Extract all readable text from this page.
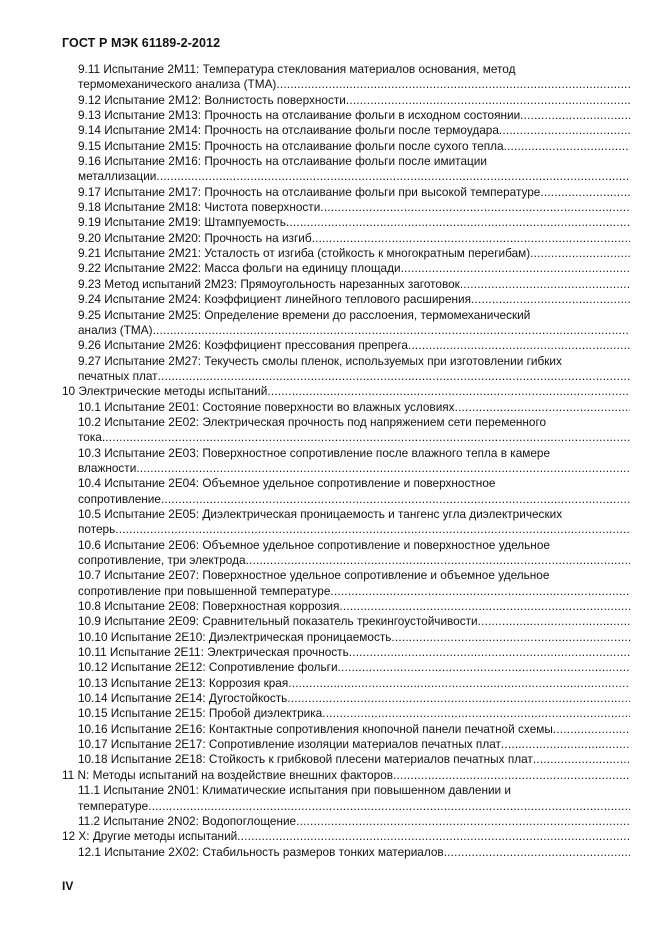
ГОСТ Р МЭК 61189-2-2012
9.11 Испытание 2М11: Температура стеклования материалов основания, метод
термомеханического анализа (ТМА)
.....
9.12 Испытание 2М12: Волнистость поверхности
.....
9.13 Испытание 2М13: Прочность на отслаивание фольги в исходном состоянии
.....
9.14 Испытание 2М14: Прочность на отслаивание фольги после термоудара
.....
9.15 Испытание 2М15: Прочность на отслаивание фольги после сухого тепла
.....
9.16 Испытание 2М16: Прочность на отслаивание фольги после имитации
металлизации
.....
9.17 Испытание 2М17: Прочность на отслаивание фольги при высокой температуре
.....
9.18 Испытание 2М18: Чистота поверхности
.....
9.19 Испытание 2М19: Штампуемость
.....
9.20 Испытание 2М20: Прочность на изгиб
.....
9.21 Испытание 2М21: Усталость от изгиба (стойкость к многократным перегибам)
.....
9.22 Испытание 2М22: Масса фольги на единицу площади
.....
9.23 Метод испытаний 2М23: Прямоугольность нарезанных заготовок
.....
9.24 Испытание 2М24: Коэффициент линейного теплового расширения
.....
9.25 Испытание 2М25: Определение времени до расслоения, термомеханический
анализ (ТМА)
.....
9.26 Испытание 2М26: Коэффициент прессования препрега
.....
9.27 Испытание 2М27: Текучесть смолы пленок, используемых при изготовлении гибких
печатных плат
.....
10 Электрические методы испытаний
.....
10.1 Испытание 2Е01: Состояние поверхности во влажных условиях
.....
10.2 Испытание 2Е02: Электрическая прочность под напряжением сети переменного
тока
.....
10.3 Испытание 2Е03: Поверхностное сопротивление после влажного тепла в камере
влажности
.....
10.4 Испытание 2Е04: Объемное удельное сопротивление и поверхностное
сопротивление
.....
10.5 Испытание 2Е05: Диэлектрическая проницаемость и тангенс угла диэлектрических
потерь
.....
10.6 Испытание 2Е06: Объемное удельное сопротивление и поверхностное удельное
сопротивление, три электрода
.....
10.7 Испытание 2Е07: Поверхностное удельное сопротивление и объемное удельное
сопротивление при повышенной температуре
.....
10.8 Испытание 2Е08: Поверхностная коррозия
.....
10.9 Испытание 2Е09: Сравнительный показатель трекингоустойчивости
.....
10.10 Испытание 2Е10: Диэлектрическая проницаемость
.....
10.11 Испытание 2Е11: Электрическая прочность
.....
10.12 Испытание 2Е12: Сопротивление фольги
.....
10.13 Испытание 2Е13: Коррозия края
.....
10.14 Испытание 2Е14: Дугостойкость
.....
10.15 Испытание 2Е15: Пробой диэлектрика
.....
10.16 Испытание 2Е16: Контактные сопротивления кнопочной панели печатной схемы
.....
10.17 Испытание 2Е17: Сопротивление изоляции материалов печатных плат
.....
10.18 Испытание 2Е18: Стойкость к грибковой плесени материалов печатных плат
.....
11 N: Методы испытаний на воздействие внешних факторов
.....
11.1 Испытание 2N01: Климатические испытания при повышенном давлении и
температуре
.....
11.2 Испытание 2N02: Водопоглощение
.....
12 X: Другие методы испытаний
.....
12.1 Испытание 2Х02: Стабильность размеров тонких материалов
.....
IV
